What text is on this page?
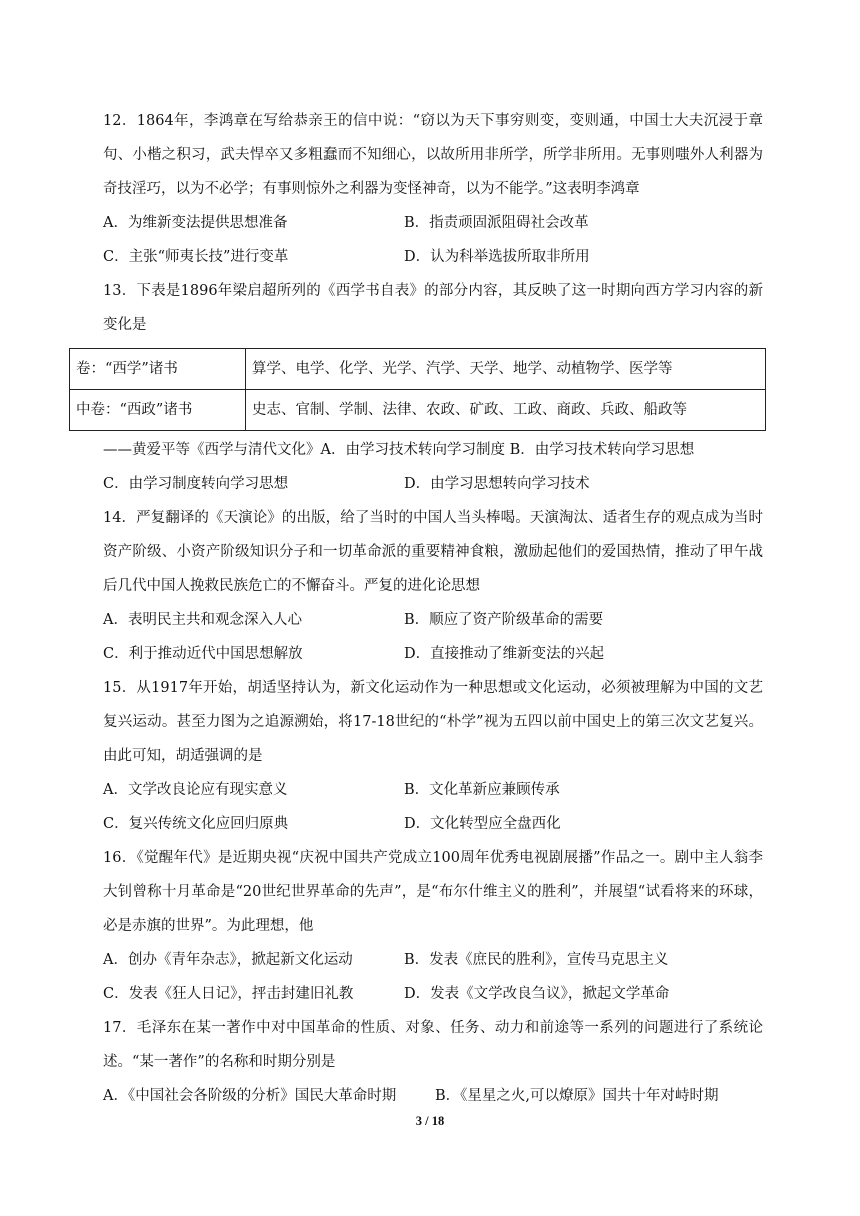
12．1864年，李鸿章在写给恭亲王的信中说：“窃以为天下事穷则变，变则通，中国士大夫沉浸于章句、小楷之积习，武夫悍卒又多粗蠢而不知细心，以故所用非所学，所学非所用。无事则嗤外人利器为奇技淫巧，以为不必学；有事则惊外之利器为变怪神奇，以为不能学。”这表明李鸿章

A．为维新变法提供思想准备	B．指责顽固派阻碍社会改革
C．主张“师夷长技”进行变革	D．认为科举选拔所取非所用

13．下表是1896年梁启超所列的《西学书自表》的部分内容，其反映了这一时期向西方学习内容的新变化是

卷：“西学”诸书	算学、电学、化学、光学、汽学、天学、地学、动植物学、医学等
中卷：“西政”诸书	史志、官制、学制、法律、农政、矿政、工政、商政、兵政、船政等
——黄爱平等《西学与清代文化》A．由学习技术转向学习制度 B．由学习技术转向学习思想
C．由学习制度转向学习思想	D．由学习思想转向学习技术

14．严复翻译的《天演论》的出版，给了当时的中国人当头棒喝。天演淘汰、适者生存的观点成为当时资产阶级、小资产阶级知识分子和一切革命派的重要精神食粮，激励起他们的爱国热情，推动了甲午战后几代中国人挽救民族危亡的不懈奋斗。严复的进化论思想

A．表明民主共和观念深入人心	B．顺应了资产阶级革命的需要
C．利于推动近代中国思想解放	D．直接推动了维新变法的兴起

15．从1917年开始，胡适坚持认为，新文化运动作为一种思想或文化运动，必须被理解为中国的文艺复兴运动。甚至力图为之追源溯始，将17-18世纪的“朴学”视为五四以前中国史上的第三次文艺复兴。由此可知，胡适强调的是

A．文学改良论应有现实意义	B．文化革新应兼顾传承
C．复兴传统文化应回归原典	D．文化转型应全盘西化

16．《觉醒年代》是近期央视“庆祝中国共产党成立100周年优秀电视剧展播”作品之一。剧中主人翁李大钊曾称十月革命是“20世纪世界革命的先声”，是“布尔什维主义的胜利”，并展望“试看将来的环球，必是赤旗的世界”。为此理想，他

A．创办《青年杂志》，掀起新文化运动	B．发表《庶民的胜利》，宣传马克思主义
C．发表《狂人日记》，抨击封建旧礼教	D．发表《文学改良刍议》，掀起文学革命

17．毛泽东在某一著作中对中国革命的性质、对象、任务、动力和前途等一系列的问题进行了系统论述。“某一著作”的名称和时期分别是

A．《中国社会各阶级的分析》国民大革命时期	B．《星星之火,可以燎原》国共十年对峙时期
3 / 18
